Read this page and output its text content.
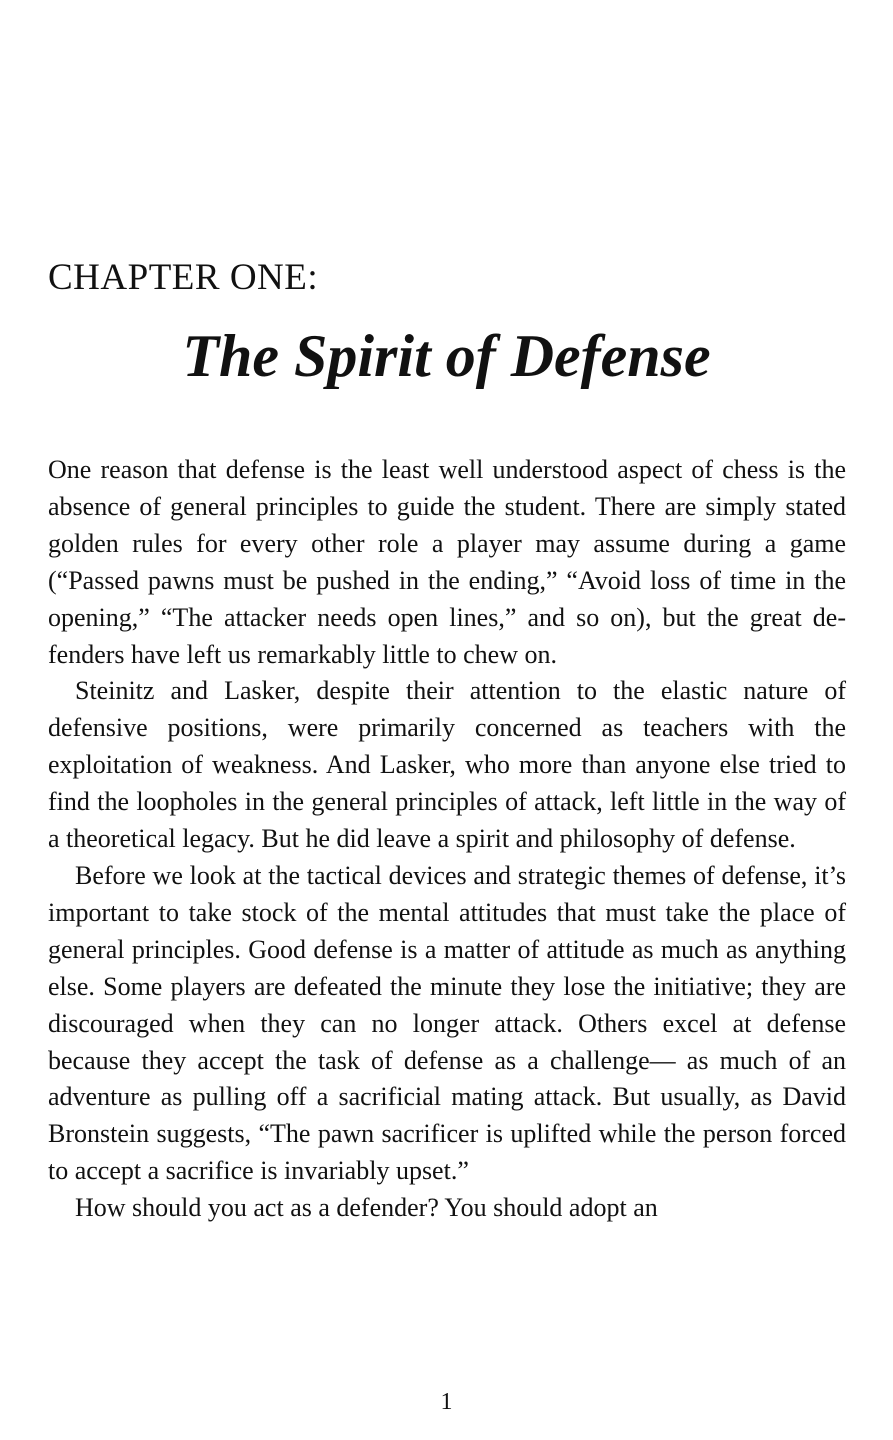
CHAPTER ONE:
The Spirit of Defense

One reason that defense is the least well understood aspect of chess is the absence of general principles to guide the student. There are simply stated golden rules for every other role a player may assume during a game (“Passed pawns must be pushed in the ending,” “Avoid loss of time in the opening,” “The attacker needs open lines,” and so on), but the great defenders have left us remarkably little to chew on.

Steinitz and Lasker, despite their attention to the elastic nature of defensive positions, were primarily concerned as teachers with the exploitation of weakness. And Lasker, who more than anyone else tried to find the loopholes in the general principles of attack, left little in the way of a theoretical legacy. But he did leave a spirit and philosophy of defense.

Before we look at the tactical devices and strategic themes of defense, it’s important to take stock of the mental attitudes that must take the place of general principles. Good defense is a matter of attitude as much as anything else. Some players are defeated the minute they lose the initiative; they are discouraged when they can no longer attack. Others excel at defense because they accept the task of defense as a challenge— as much of an adventure as pulling off a sacrificial mating attack. But usually, as David Bronstein suggests, “The pawn sacrificer is uplifted while the person forced to accept a sacrifice is invariably upset.”

How should you act as a defender? You should adopt an

1
